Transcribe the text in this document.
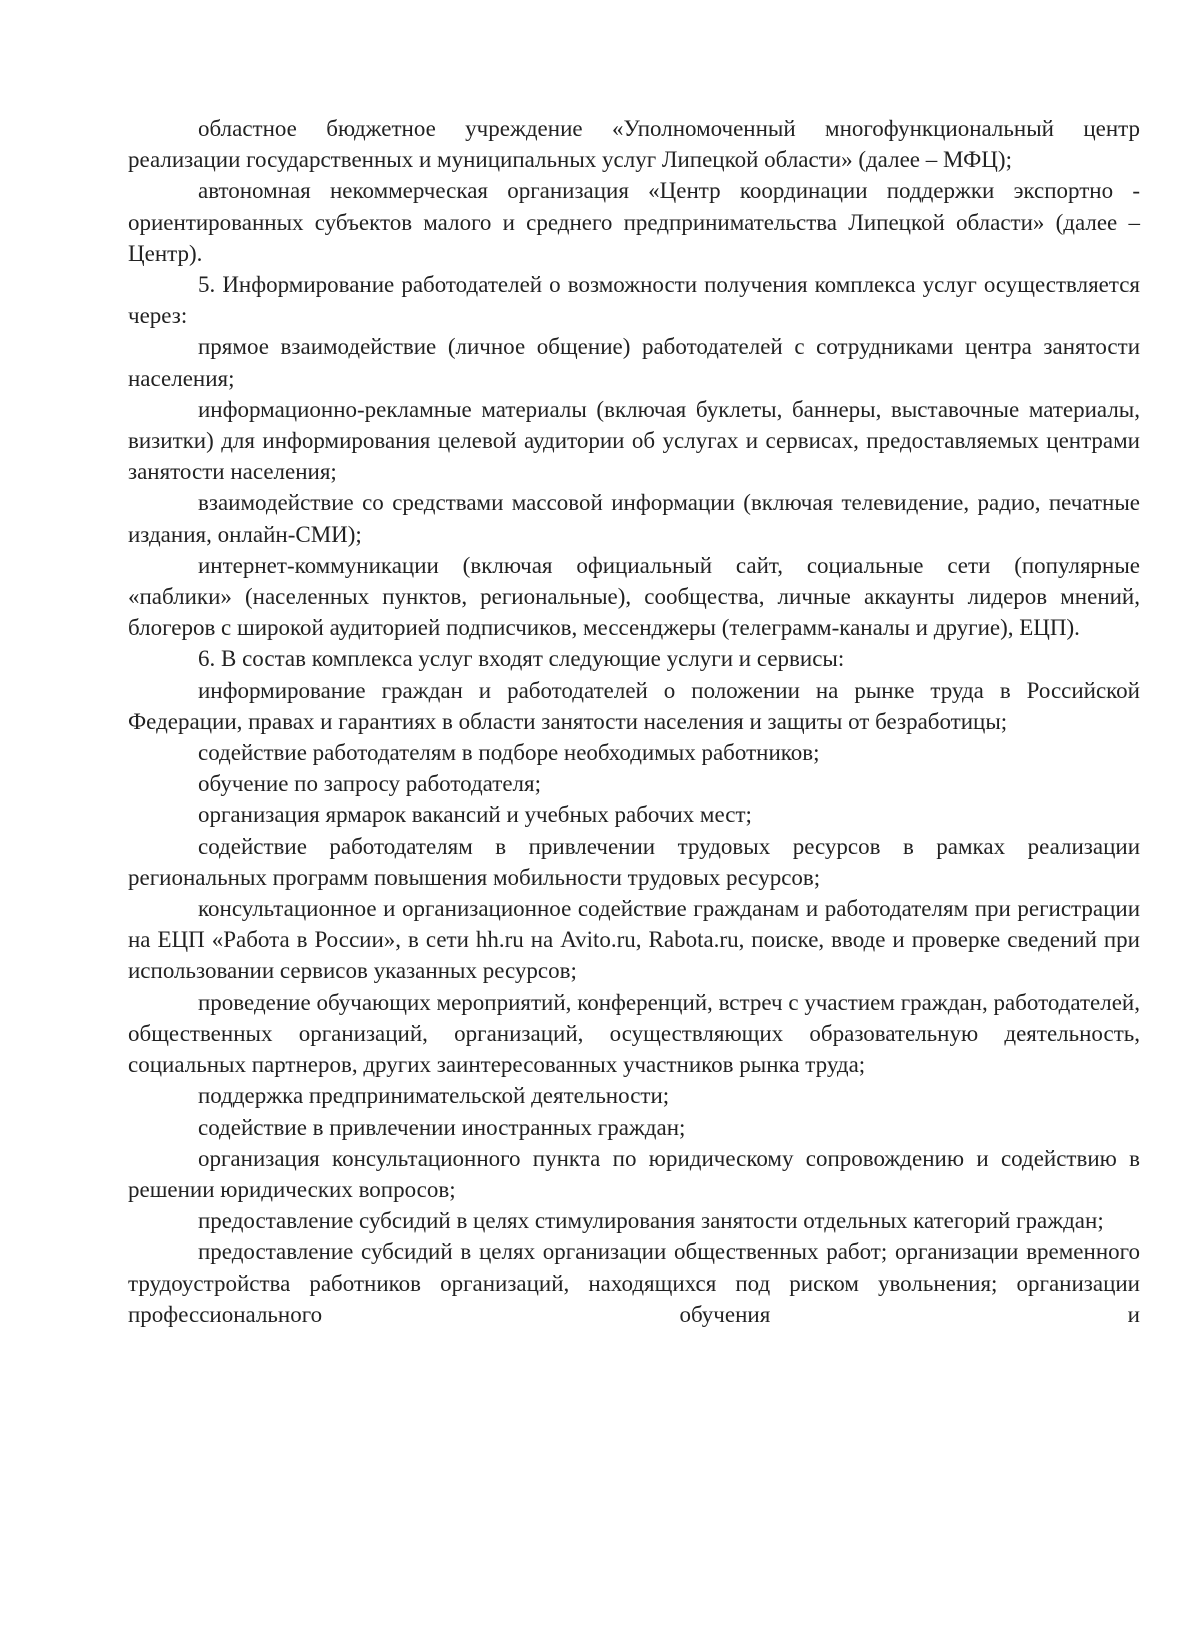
областное бюджетное учреждение «Уполномоченный многофункциональный центр реализации государственных и муниципальных услуг Липецкой области» (далее – МФЦ);

автономная некоммерческая организация «Центр координации поддержки экспортно - ориентированных субъектов малого и среднего предпринимательства Липецкой области» (далее – Центр).

5. Информирование работодателей о возможности получения комплекса услуг осуществляется через:

прямое взаимодействие (личное общение) работодателей с сотрудниками центра занятости населения;

информационно-рекламные материалы (включая буклеты, баннеры, выставочные материалы, визитки) для информирования целевой аудитории об услугах и сервисах, предоставляемых центрами занятости населения;

взаимодействие со средствами массовой информации (включая телевидение, радио, печатные издания, онлайн-СМИ);

интернет-коммуникации (включая официальный сайт, социальные сети (популярные «паблики» (населенных пунктов, региональные), сообщества, личные аккаунты лидеров мнений, блогеров с широкой аудиторией подписчиков, мессенджеры (телеграмм-каналы и другие), ЕЦП).

6. В состав комплекса услуг входят следующие услуги и сервисы:

информирование граждан и работодателей о положении на рынке труда в Российской Федерации, правах и гарантиях в области занятости населения и защиты от безработицы;

содействие работодателям в подборе необходимых работников;

обучение по запросу работодателя;

организация ярмарок вакансий и учебных рабочих мест;

содействие работодателям в привлечении трудовых ресурсов в рамках реализации региональных программ повышения мобильности трудовых ресурсов;

консультационное и организационное содействие гражданам и работодателям при регистрации на ЕЦП «Работа в России», в сети hh.ru на Avito.ru, Rabota.ru, поиске, вводе и проверке сведений при использовании сервисов указанных ресурсов;

проведение обучающих мероприятий, конференций, встреч с участием граждан, работодателей, общественных организаций, организаций, осуществляющих образовательную деятельность, социальных партнеров, других заинтересованных участников рынка труда;

поддержка предпринимательской деятельности;

содействие в привлечении иностранных граждан;

организация консультационного пункта по юридическому сопровождению и содействию в решении юридических вопросов;

предоставление субсидий в целях стимулирования занятости отдельных категорий граждан;

предоставление субсидий в целях организации общественных работ; организации временного трудоустройства работников организаций, находящихся под риском увольнения; организации профессионального обучения и
